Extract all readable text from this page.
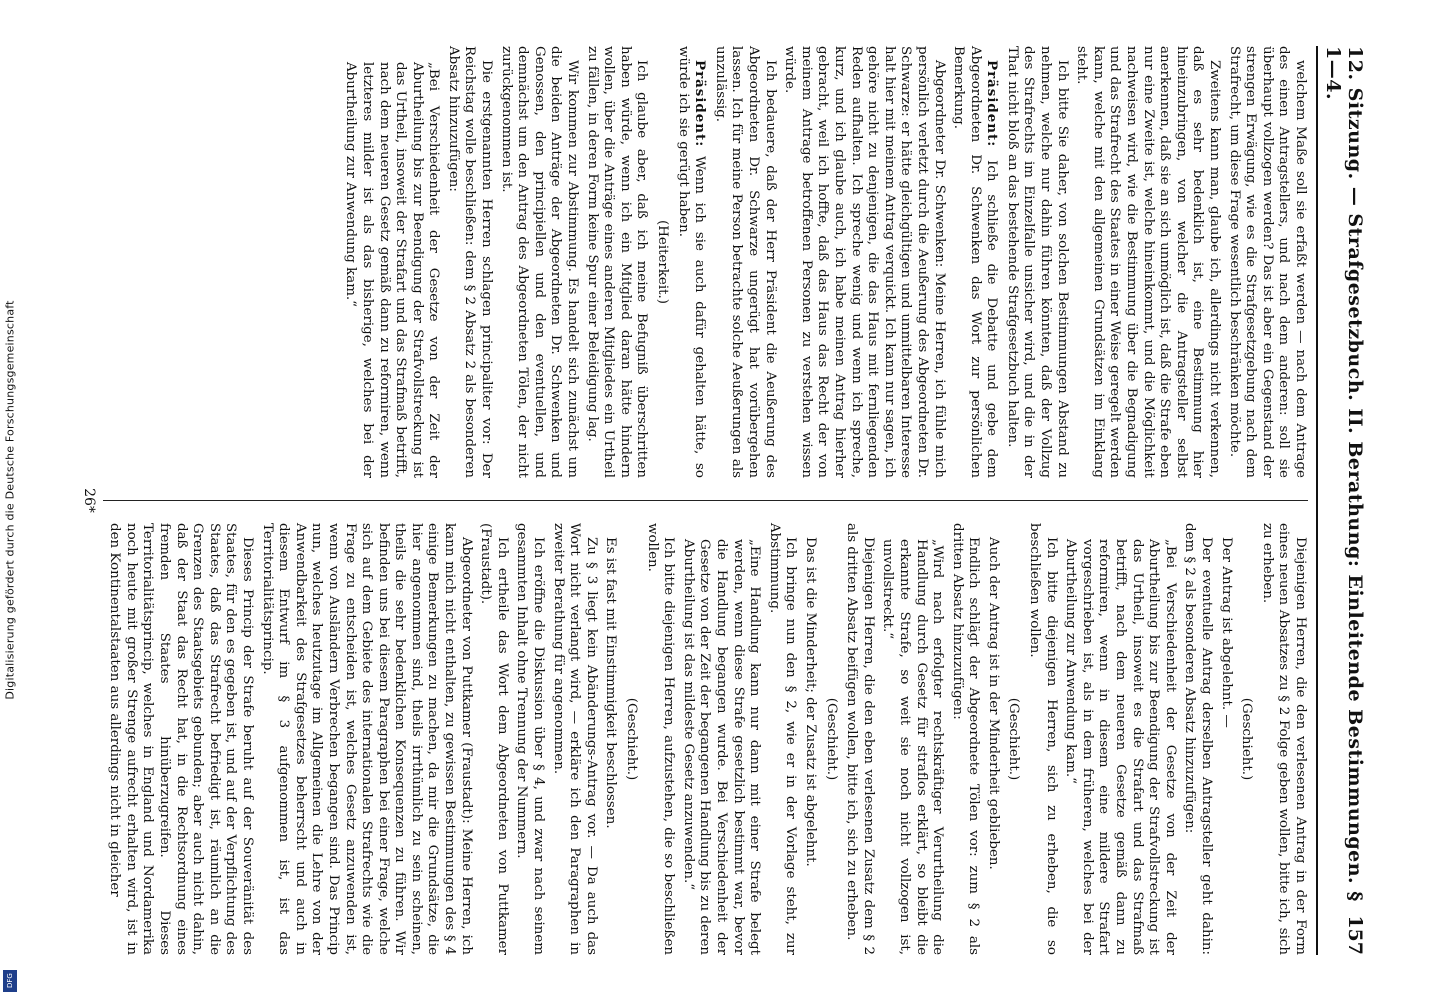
Digitalisierung gefördert durch die Deutsche Forschungsgemeinschaft
DFG
12. Sitzung. — Strafgesetzbuch. II. Berathung: Einleitende Bestimmungen. § 1—4.
157

welchem Maße soll sie erfaßt werden — nach dem Antrage des einen Antragstellers, und nach dem anderen: soll sie überhaupt vollzogen werden? Das ist aber ein Gegenstand der strengen Erwägung, wie es die Strafgesetzgebung nach dem Strafrecht, um diese Frage wesentlich beschränken möchte.

Zweitens kann man, glaube ich, allerdings nicht verkennen, daß es sehr bedenklich ist, eine Bestimmung hier hineinzubringen, von welcher die Antragsteller selbst anerkennen, daß sie an sich unmöglich ist, daß die Strafe eben nur eine Zweite ist, welche hineinkommt, und die Möglichkeit nachweisen wird, wie die Bestimmung über die Begnadigung und das Strafrecht des Staates in einer Weise geregelt werden kann, welche mit den allgemeinen Grundsätzen im Einklang steht.

Ich bitte Sie daher, von solchen Bestimmungen Abstand zu nehmen, welche nur dahin führen könnten, daß der Vollzug des Strafrechts im Einzelfalle unsicher wird, und die in der That nicht bloß an das bestehende Strafgesetzbuch halten.

Präsident: Ich schließe die Debatte und gebe dem Abgeordneten Dr. Schwenken das Wort zur persönlichen Bemerkung.

Abgeordneter Dr. Schwenken: Meine Herren, ich fühle mich persönlich verletzt durch die Aeußerung des Abgeordneten Dr. Schwarze: er hätte gleichgültigen und unmittelbaren Interesse halt hier mit meinem Antrag verquickt. Ich kann nur sagen, ich gehöre nicht zu denjenigen, die das Haus mit fernliegenden Reden aufhalten. Ich spreche wenig und wenn ich spreche, kurz, und ich glaube auch, ich habe meinen Antrag hierher gebracht, weil ich hoffte, daß das Haus das Recht der von meinem Antrage betroffenen Personen zu verstehen wissen würde.

Ich bedauere, daß der Herr Präsident die Aeußerung des Abgeordneten Dr. Schwarze ungerügt hat vorübergehen lassen. Ich für meine Person betrachte solche Aeußerungen als unzulässig.

Präsident: Wenn ich sie auch dafür gehalten hätte, so würde ich sie gerügt haben.

(Heiterkeit.)

Ich glaube aber, daß ich meine Befugniß überschritten haben würde, wenn ich ein Mitglied daran hätte hindern wollen, über die Anträge eines anderen Mitgliedes ein Urtheil zu fällen, in deren Form keine Spur einer Beleidigung lag.

Wir kommen zur Abstimmung. Es handelt sich zunächst um die beiden Anträge der Abgeordneten Dr. Schwenken und Genossen, den principiellen und den eventuellen, und demnächst um den Antrag des Abgeordneten Tölen, der nicht zurückgenommen ist.

Die erstgenannten Herren schlagen principaliter vor: Der Reichstag wolle beschließen: dem § 2 Absatz 2 als besonderen Absatz hinzuzufügen:

„Bei Verschiedenheit der Gesetze von der Zeit der Aburtheilung bis zur Beendigung der Strafvollstreckung ist das Urtheil, insoweit der Strafart und das Strafmaß betrifft, nach dem neueren Gesetz gemäß dann zu reformiren, wenn letzteres milder ist als das bisherige, welches bei der Aburtheilung zur Anwendung kam.“

Diejenigen Herren, die den verlesenen Antrag in der Form eines neuen Absatzes zu § 2 Folge geben wollen, bitte ich, sich zu erheben.

(Geschieht.)

Der Antrag ist abgelehnt. —

Der eventuelle Antrag derselben Antragsteller geht dahin: dem § 2 als besonderen Absatz hinzuzufügen:

„Bei Verschiedenheit der Gesetze von der Zeit der Aburtheilung bis zur Beendigung der Strafvollstreckung ist das Urtheil, insoweit es die Strafart und das Strafmaß betrifft, nach dem neueren Gesetze gemäß dann zu reformiren, wenn in diesem eine mildere Strafart vorgeschrieben ist, als in dem früheren, welches bei der Aburtheilung zur Anwendung kam.“

Ich bitte diejenigen Herren, sich zu erheben, die so beschließen wollen.

(Geschieht.)

Auch der Antrag ist in der Minderheit geblieben.

Endlich schlägt der Abgeordnete Tölen vor: zum § 2 als dritten Absatz hinzuzufügen:

„Wird nach erfolgter rechtskräftiger Verurtheilung die Handlung durch Gesetz für straflos erklärt, so bleibt die erkannte Strafe, so weit sie noch nicht vollzogen ist, unvollstreckt.“

Diejenigen Herren, die den eben verlesenen Zusatz dem § 2 als dritten Absatz beifügen wollen, bitte ich, sich zu erheben.

(Geschieht.)

Das ist die Minderheit; der Zusatz ist abgelehnt.

Ich bringe nun den § 2, wie er in der Vorlage steht, zur Abstimmung.

„Eine Handlung kann nur dann mit einer Strafe belegt werden, wenn diese Strafe gesetzlich bestimmt war, bevor die Handlung begangen wurde. Bei Verschiedenheit der Gesetze von der Zeit der begangenen Handlung bis zu deren Aburtheilung ist das mildeste Gesetz anzuwenden.“

Ich bitte diejenigen Herren, aufzustehen, die so beschließen wollen.

(Geschieht.)

Es ist fast mit Einstimmigkeit beschlossen.

Zu § 3 liegt kein Abänderungs-Antrag vor. — Da auch das Wort nicht verlangt wird, — erkläre ich den Paragraphen in zweiter Berathung für angenommen.

Ich eröffne die Diskussion über § 4, und zwar nach seinem gesammten Inhalt ohne Trennung der Nummern.

Ich ertheile das Wort dem Abgeordneten von Puttkamer (Fraustadt).

Abgeordneter von Puttkamer (Fraustadt): Meine Herren, ich kann mich nicht enthalten, zu gewissen Bestimmungen des § 4 einige Bemerkungen zu machen, da mir die Grundsätze, die hier angenommen sind, theils irrthümlich zu sein scheinen, theils die sehr bedenklichen Konsequenzen zu führen. Wir befinden uns bei diesem Paragraphen bei einer Frage, welche sich auf dem Gebiete des internationalen Strafrechts wie die Frage zu entscheiden ist, welches Gesetz anzuwenden ist, wenn von Ausländern Verbrechen begangen sind. Das Princip nun, welches heutzutage im Allgemeinen die Lehre von der Anwendbarkeit des Strafgesetzes beherrscht und auch in diesem Entwurf im § 3 aufgenommen ist, ist das Territorialitätsprincip.

Dieses Princip der Strafe beruht auf der Souveränität des Staates, für den es gegeben ist, und auf der Verpflichtung des Staates, daß das Strafrecht befriedigt ist, räumlich an die Grenzen des Staatsgebiets gebunden; aber auch nicht dahin, daß der Staat das Recht hat, in die Rechtsordnung eines fremden Staates hinüberzugreifen. Dieses Territorialitätsprincip, welches in England und Nordamerika noch heute mit großer Strenge aufrecht erhalten wird, ist in den Kontinentalstaaten aus allerdings nicht in gleicher

26*
